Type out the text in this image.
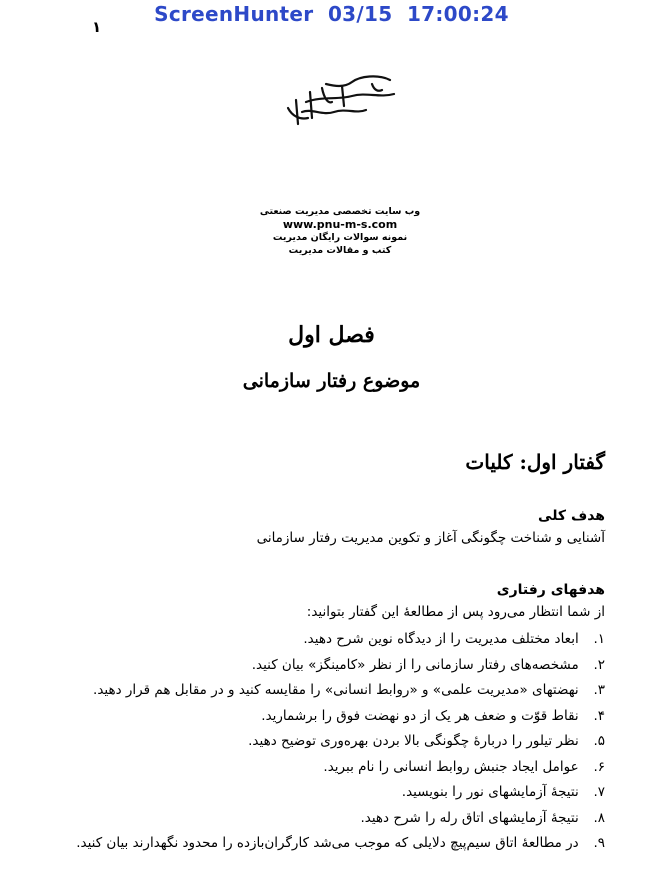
ScreenHunter  03/15  17:00:24
۱
وب سایت تخصصی مدیریت صنعتی
www.pnu-m-s.com
نمونه سوالات رایگان مدیریت
کتب و مقالات مدیریت
فصل اول
موضوع رفتار سازمانی
گفتار اول: کلیات
هدف کلی
آشنایی و شناخت چگونگی آغاز و تکوین مدیریت رفتار سازمانی
هدفهای رفتاری
از شما انتظار می‌رود پس از مطالعهٔ این گفتار بتوانید:
۱. ابعاد مختلف مدیریت را از دیدگاه نوین شرح دهید.
۲. مشخصه‌های رفتار سازمانی را از نظر «کامینگز» بیان کنید.
۳. نهضتهای «مدیریت علمی» و «روابط انسانی» را مقایسه کنید و در مقابل هم قرار دهید.
۴. نقاط قوّت و ضعف هر یک از دو نهضت فوق را برشمارید.
۵. نظر تیلور را دربارهٔ چگونگی بالا بردن بهره‌وری توضیح دهید.
۶. عوامل ایجاد جنبش روابط انسانی را نام ببرید.
۷. نتیجهٔ آزمایشهای نور را بنویسید.
۸. نتیجهٔ آزمایشهای اتاق رله را شرح دهید.
۹. در مطالعهٔ اتاق سیم‌پیچ دلایلی که موجب می‌شد کارگران‌بازده را محدود نگهدارند بیان کنید.
